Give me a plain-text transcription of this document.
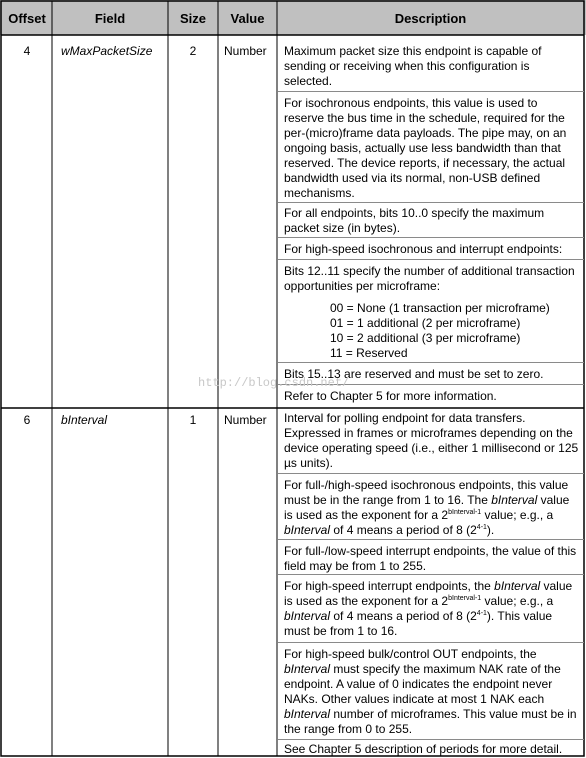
Offset	Field	Size	Value	Description
4	wMaxPacketSize	2	Number Maximum packet size this endpoint is capable of sending or receiving when this configuration is selected.
For isochronous endpoints, this value is used to reserve the bus time in the schedule, required for the per-(micro)frame data payloads. The pipe may, on an ongoing basis, actually use less bandwidth than that reserved. The device reports, if necessary, the actual bandwidth used via its normal, non-USB defined mechanisms.
For all endpoints, bits 10..0 specify the maximum packet size (in bytes).
For high-speed isochronous and interrupt endpoints:
Bits 12..11 specify the number of additional transaction opportunities per microframe:
00 = None (1 transaction per microframe)
01 = 1 additional (2 per microframe)
10 = 2 additional (3 per microframe)
11 = Reserved
Bits 15..13 are reserved and must be set to zero.
Refer to Chapter 5 for more information.
http://blog.csdn.net/
6	bInterval	1	Number Interval for polling endpoint for data transfers. Expressed in frames or microframes depending on the device operating speed (i.e., either 1 millisecond or 125 µs units).
For full-/high-speed isochronous endpoints, this value must be in the range from 1 to 16. The bInterval value is used as the exponent for a $2^{bInterval-1}$ value; e.g., a bInterval of 4 means a period of 8 (2$^{4-1}$).
For full-/low-speed interrupt endpoints, the value of this field may be from 1 to 255.
For high-speed interrupt endpoints, the bInterval value is used as the exponent for a $2^{bInterval-1}$ value; e.g., a bInterval of 4 means a period of 8 (2$^{4-1}$). This value must be from 1 to 16.
For high-speed bulk/control OUT endpoints, the bInterval must specify the maximum NAK rate of the endpoint. A value of 0 indicates the endpoint never NAKs. Other values indicate at most 1 NAK each bInterval number of microframes. This value must be in the range from 0 to 255.
See Chapter 5 description of periods for more detail.
